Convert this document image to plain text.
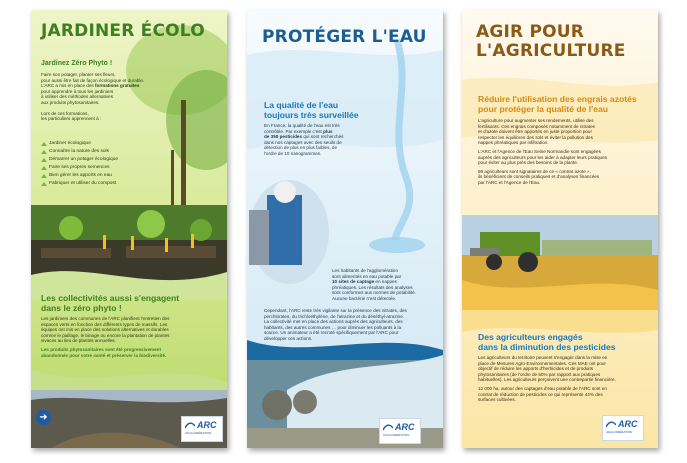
JARDINER ÉCOLO
Jardinez Zéro Phyto !
Faire son potager, planter ses fleurs,
pour aussi être fait de façon écologique et durable.
L'ARC a mis en place des formations gratuites
pour apprendre à tous les jardiniers
à utiliser des méthodes alternatives
aux produits phytosanitaires.
Lors de ces formations,
les particuliers apprennent à :
Jardiner écologique
Connaître la nature des sols
Démarrer un potager écologique
Faire ses propres semences
Bien gérer les apports en eau
Fabriquer et utiliser du compost
Les collectivités aussi s'engagent
dans le zéro phyto !
Les jardiniers des communes de l'ARC planifient l'entretien des
espaces verts en fonction des différents types de massifs. Les
équipes ont mis en place des solutions alternatives et durables
comme le paillage, le binage ou encore la plantation de plantes
vivaces au lieu de plantes annuelles.
Les produits phytosanitaires sont été progressivement
abandonnés pour votre santé et préserver la biodiversité.
➜
ARC
AGGLOMÉRATION
PROTÉGER L'EAU
La qualité de l'eau
toujours très surveillée
En France, la qualité de l'eau est très
contrôlée. Par exemple c'est plus
de 350 pesticides qui sont recherchés
dans nos captages avec des seuils de
détection de plus en plus faibles, de
l'ordre de 10 nanogrammes.
Les habitants de l'agglomération
sont alimentés en eau potable par
10 sites de captage en nappes
phréatiques. Les résultats des analyses
sont conformes aux normes de potabilité.
Aucune bactérie n'est détectée.
Cependant, l'ARC reste très vigilante sur la présence des nitrates, des
perchlorates, du trichloéthylène, de l'atrazine et du déséthyl-atrazine.
La collectivité met en place des actions auprès des agriculteurs, des
habitants, des autres communes … pour diminuer les polluants à la
source. Un animateur a été recruté spécifiquement par l'ARC pour
développer ces actions.
ARC
AGGLOMÉRATION
AGIR POUR
L'AGRICULTURE
Réduire l'utilisation des engrais azotés
pour protéger la qualité de l'eau
L'agriculture pour augmenter ses rendements, utilise des
fertilisants. Ces engrais composés notamment de nitrates
et d'azote doivent être apportés en juste proportion pour
respecter les équilibres des sols et éviter la pollution des
nappes phréatiques par infiltration.
L'ARC et l'Agence de l'Eau Seine Normandie sont engagées
auprès des agriculteurs pour les aider à adapter leurs pratiques
pour éviter au plus près des besoins de la plante.
99 agriculteurs sont signataires de ce « contrat azote »,
ils bénéficient de conseils pratiques et d'analyses financées
par l'ARC et l'Agence de l'Eau.
Des agriculteurs engagés
dans la diminution des pesticides
Les agriculteurs du territoire peuvent s'engager dans la mise en
place de Mesures Agro-Environnementales. Ces MAE ont pour
objectif de réduire les apports d'herbicides et de produits
phytosanitaires (de l'ordre de 50% par rapport aux pratiques
habituelles). Les agriculteurs perçoivent une contrepartie financière.
12 000 ha, autour des captages d'eau potable de l'ARC sont en
contrat de réduction de pesticides ce qui représente 44% des
surfaces cultivées.
ARC
AGGLOMÉRATION
